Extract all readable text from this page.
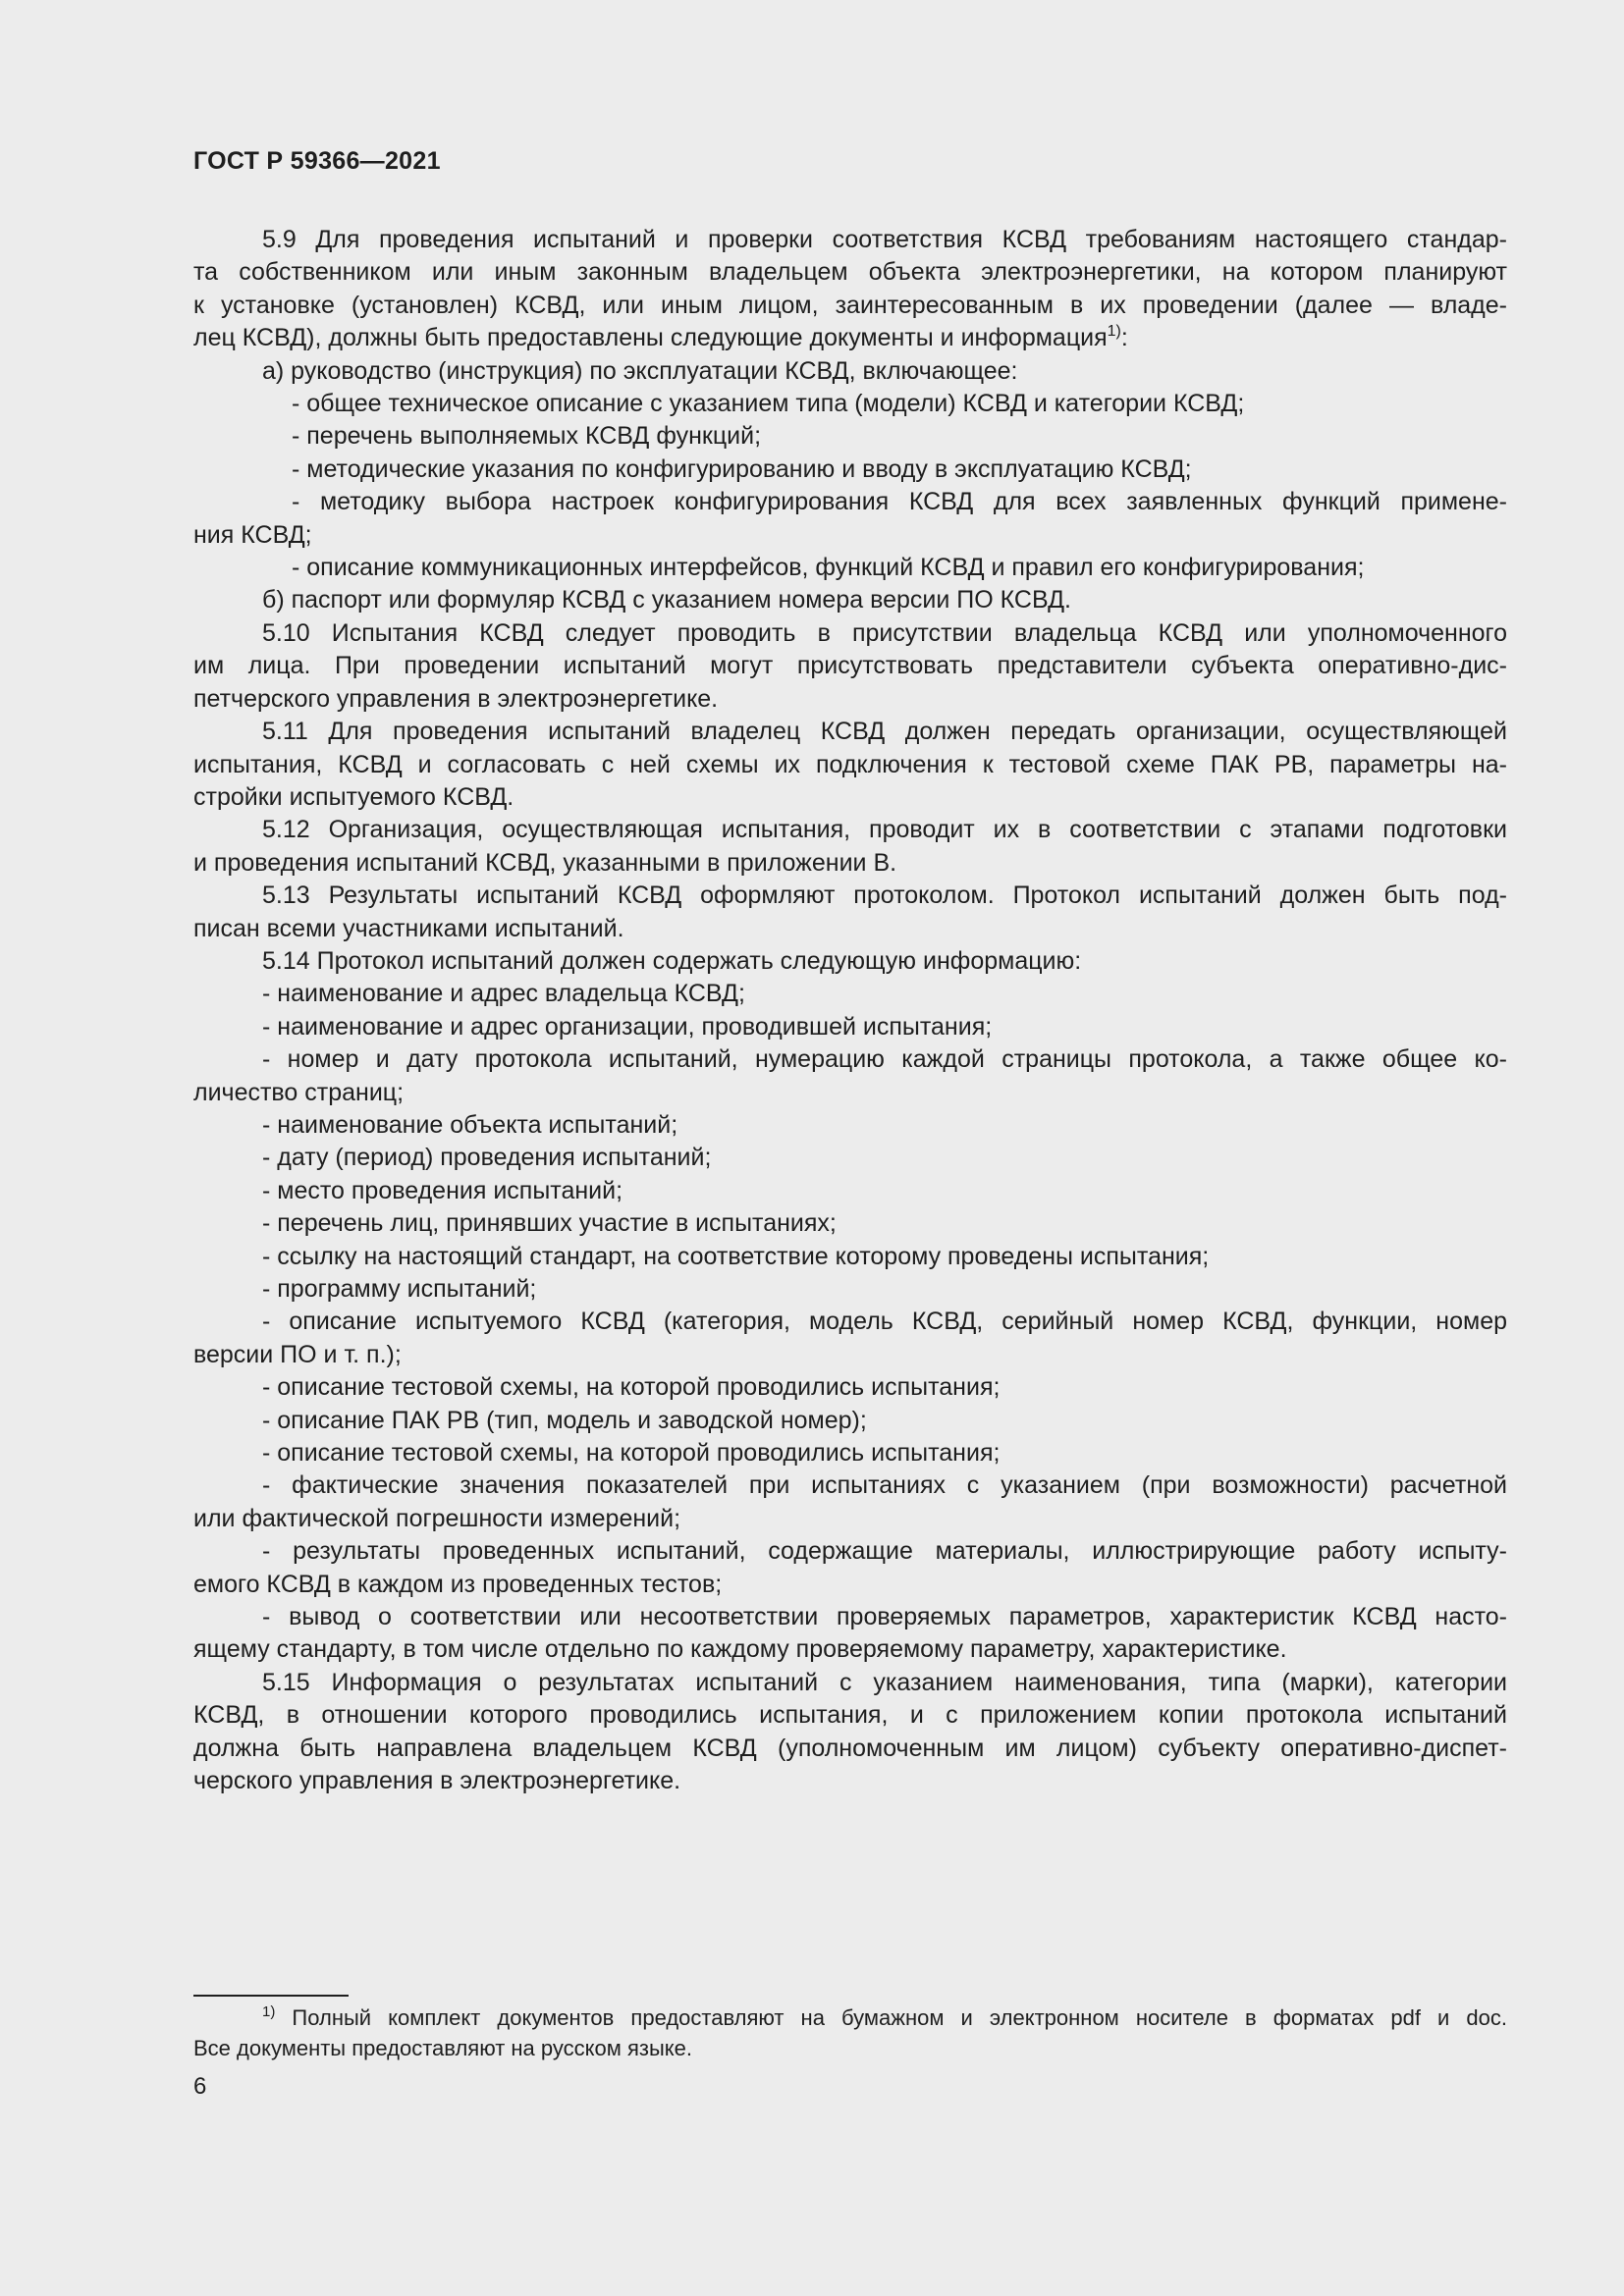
ГОСТ Р 59366—2021

5.9 Для проведения испытаний и проверки соответствия КСВД требованиям настоящего стандар-
та собственником или иным законным владельцем объекта электроэнергетики, на котором планируют
к установке (установлен) КСВД, или иным лицом, заинтересованным в их проведении (далее — владе-
лец КСВД), должны быть предоставлены следующие документы и информация$^{1)}$:

а) руководство (инструкция) по эксплуатации КСВД, включающее:

- общее техническое описание с указанием типа (модели) КСВД и категории КСВД;

- перечень выполняемых КСВД функций;

- методические указания по конфигурированию и вводу в эксплуатацию КСВД;

- методику выбора настроек конфигурирования КСВД для всех заявленных функций примене-
ния КСВД;

- описание коммуникационных интерфейсов, функций КСВД и правил его конфигурирования;

б) паспорт или формуляр КСВД с указанием номера версии ПО КСВД.

5.10 Испытания КСВД следует проводить в присутствии владельца КСВД или уполномоченного
им лица. При проведении испытаний могут присутствовать представители субъекта оперативно-дис-
петчерского управления в электроэнергетике.

5.11 Для проведения испытаний владелец КСВД должен передать организации, осуществляющей
испытания, КСВД и согласовать с ней схемы их подключения к тестовой схеме ПАК РВ, параметры на-
стройки испытуемого КСВД.

5.12 Организация, осуществляющая испытания, проводит их в соответствии с этапами подготовки
и проведения испытаний КСВД, указанными в приложении В.

5.13 Результаты испытаний КСВД оформляют протоколом. Протокол испытаний должен быть под-
писан всеми участниками испытаний.

5.14 Протокол испытаний должен содержать следующую информацию:

- наименование и адрес владельца КСВД;

- наименование и адрес организации, проводившей испытания;

- номер и дату протокола испытаний, нумерацию каждой страницы протокола, а также общее ко-
личество страниц;

- наименование объекта испытаний;

- дату (период) проведения испытаний;

- место проведения испытаний;

- перечень лиц, принявших участие в испытаниях;

- ссылку на настоящий стандарт, на соответствие которому проведены испытания;

- программу испытаний;

- описание испытуемого КСВД (категория, модель КСВД, серийный номер КСВД, функции, номер
версии ПО и т. п.);

- описание тестовой схемы, на которой проводились испытания;

- описание ПАК РВ (тип, модель и заводской номер);

- описание тестовой схемы, на которой проводились испытания;

- фактические значения показателей при испытаниях с указанием (при возможности) расчетной
или фактической погрешности измерений;

- результаты проведенных испытаний, содержащие материалы, иллюстрирующие работу испыту-
емого КСВД в каждом из проведенных тестов;

- вывод о соответствии или несоответствии проверяемых параметров, характеристик КСВД насто-
ящему стандарту, в том числе отдельно по каждому проверяемому параметру, характеристике.

5.15 Информация о результатах испытаний с указанием наименования, типа (марки), категории
КСВД, в отношении которого проводились испытания, и с приложением копии протокола испытаний
должна быть направлена владельцем КСВД (уполномоченным им лицом) субъекту оперативно-диспет-
черского управления в электроэнергетике.

$^{1)}$ Полный комплект документов предоставляют на бумажном и электронном носителе в форматах pdf и doc.
Все документы предоставляют на русском языке.
6
